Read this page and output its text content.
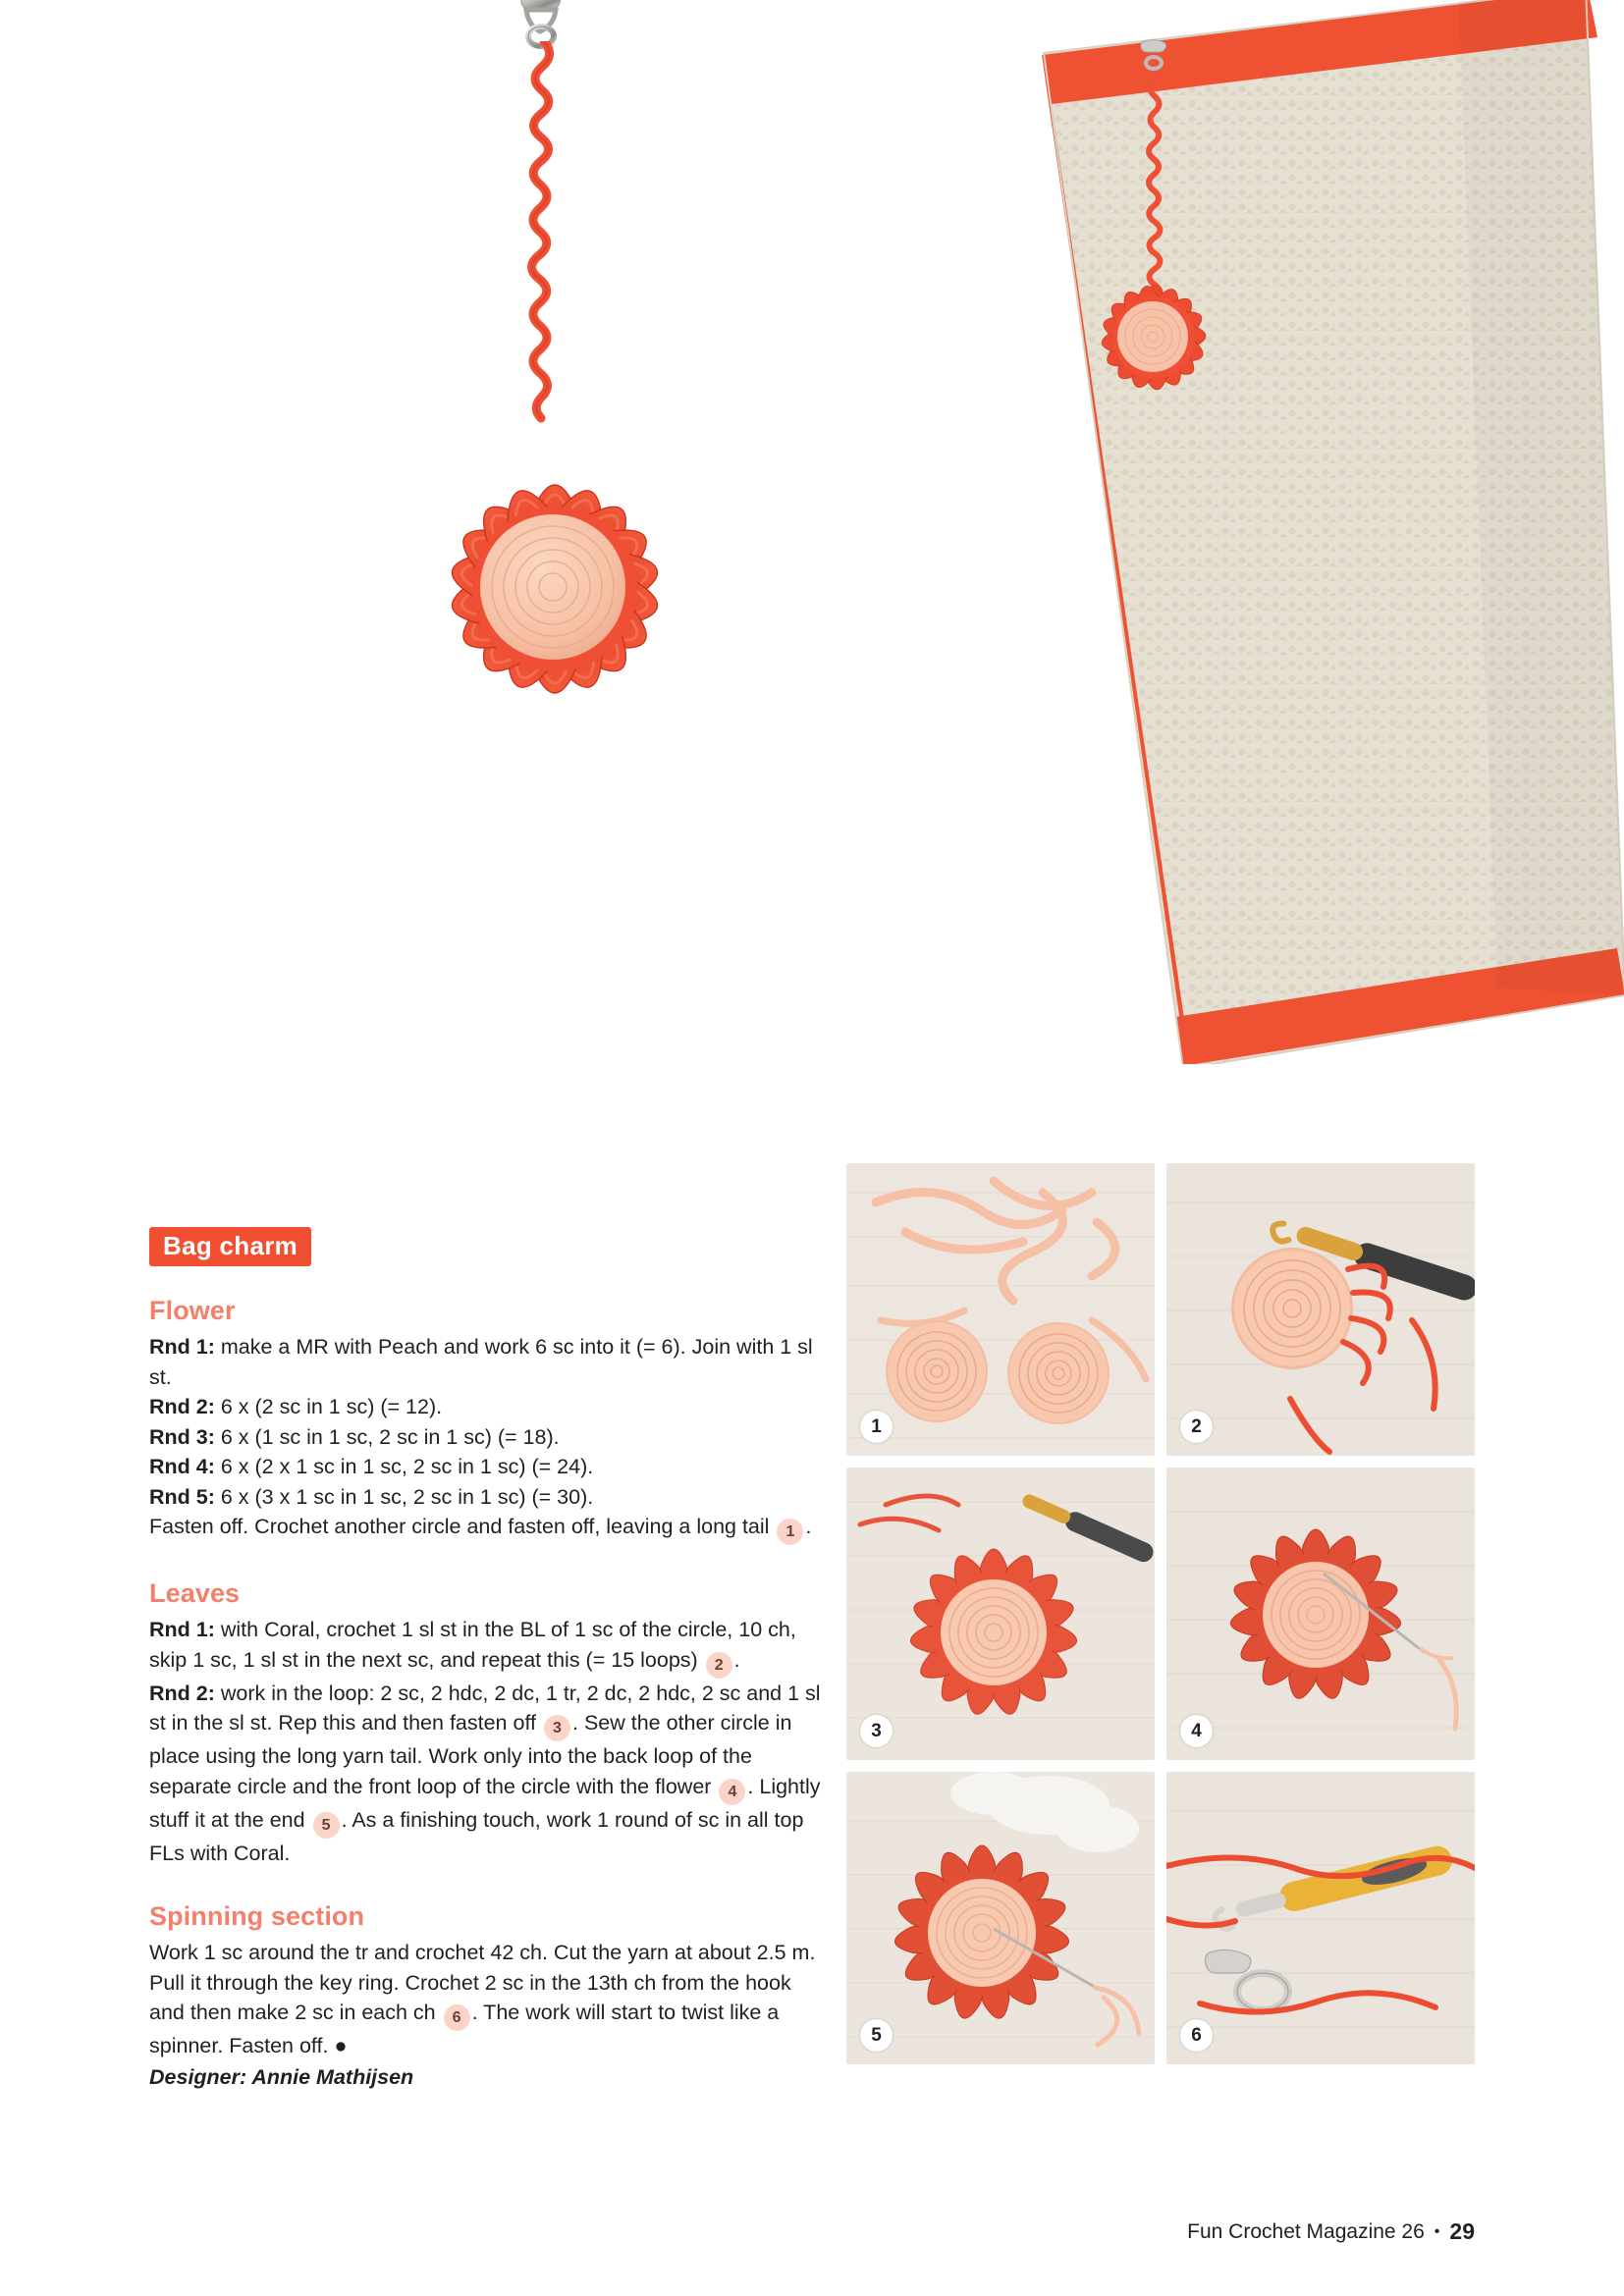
Bag charm
Flower

Rnd 1: make a MR with Peach and work 6 sc into it (= 6). Join with 1 sl st.

Rnd 2: 6 x (2 sc in 1 sc) (= 12).

Rnd 3: 6 x (1 sc in 1 sc, 2 sc in 1 sc) (= 18).

Rnd 4: 6 x (2 x 1 sc in 1 sc, 2 sc in 1 sc) (= 24).

Rnd 5: 6 x (3 x 1 sc in 1 sc, 2 sc in 1 sc) (= 30).

Fasten off. Crochet another circle and fasten off, leaving a long tail 1 .

Leaves

Rnd 1: with Coral, crochet 1 sl st in the BL of 1 sc of the circle, 10 ch, skip 1 sc, 1 sl st in the next sc, and repeat this (= 15 loops) 2 .

Rnd 2: work in the loop: 2 sc, 2 hdc, 2 dc, 1 tr, 2 dc, 2 hdc, 2 sc and 1 sl st in the sl st. Rep this and then fasten off 3 . Sew the other circle in place using the long yarn tail. Work only into the back loop of the separate circle and the front loop of the circle with the flower 4 . Lightly stuff it at the end 5 . As a finishing touch, work 1 round of sc in all top FLs with Coral.

Spinning section

Work 1 sc around the tr and crochet 42 ch. Cut the yarn at about 2.5 m. Pull it through the key ring. Crochet 2 sc in the 13th ch from the hook and then make 2 sc in each ch 6 . The work will start to twist like a spinner. Fasten off. ●

Designer: Annie Mathijsen

1	2
3	4
5	6
Fun Crochet Magazine 26 • 29
